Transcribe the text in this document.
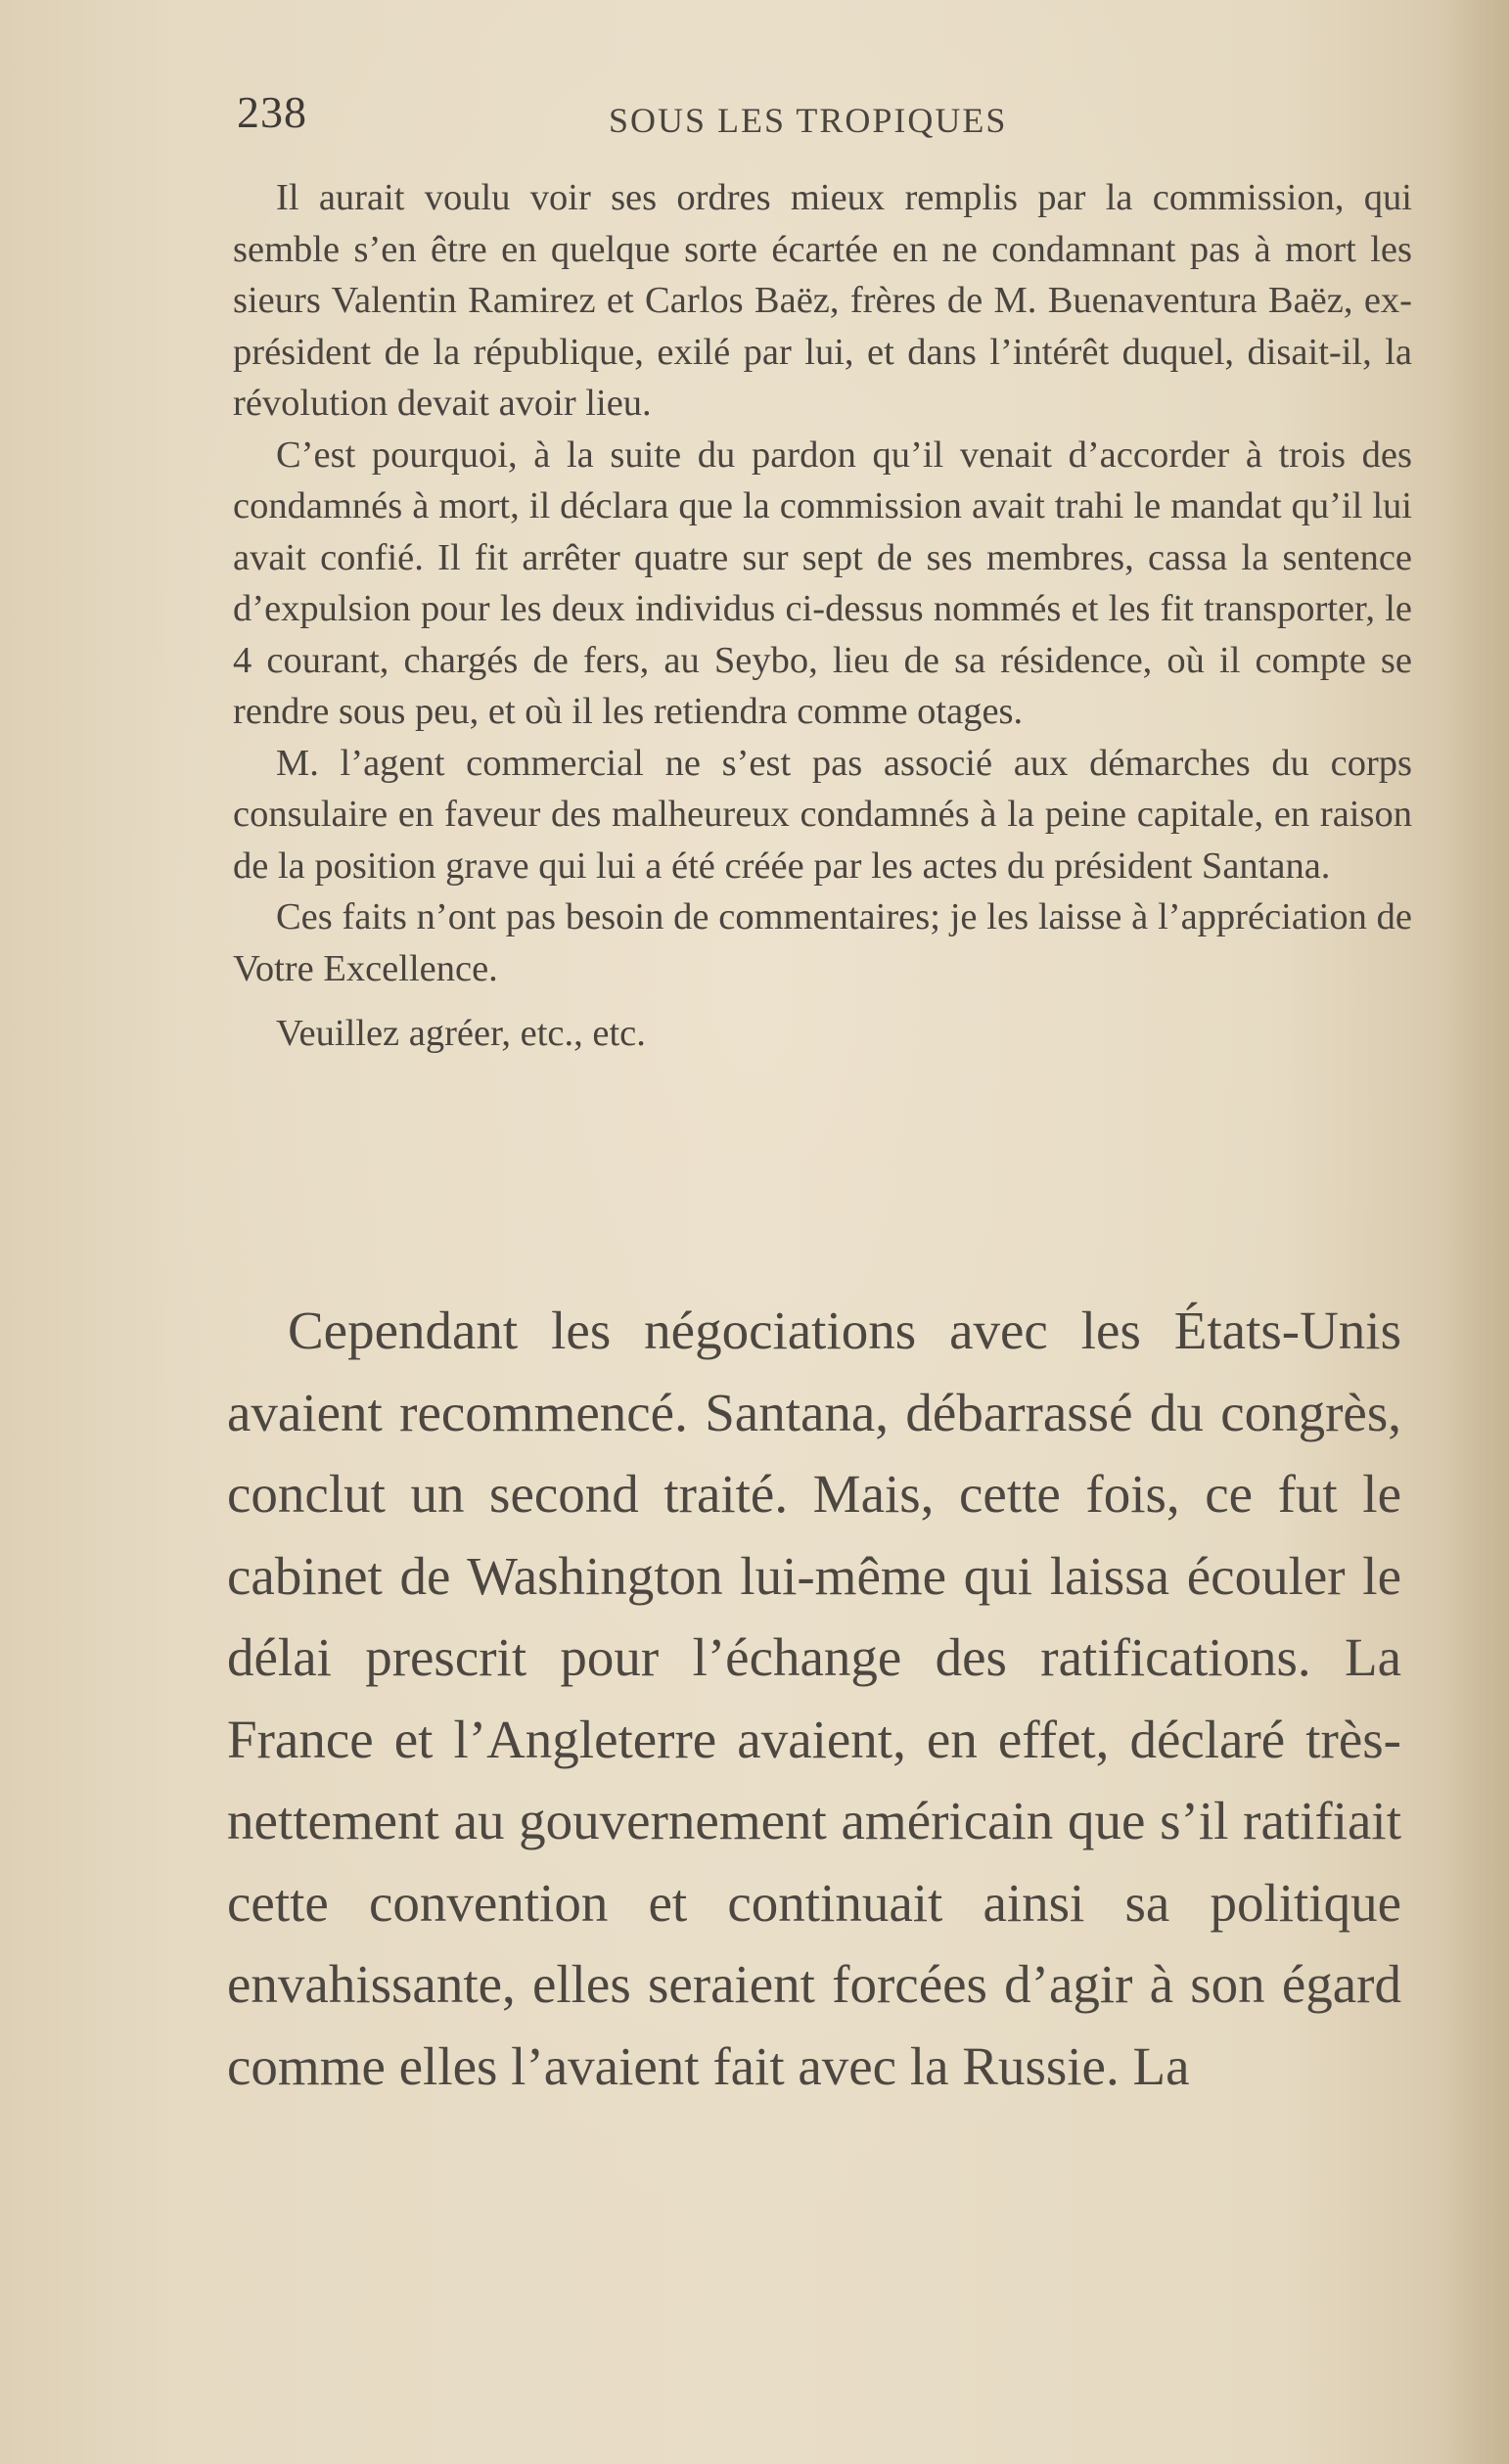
238	SOUS LES TROPIQUES

Il aurait voulu voir ses ordres mieux remplis par la commission, qui semble s’en être en quelque sorte écartée en ne condamnant pas à mort les sieurs Valentin Ramirez et Carlos Baëz, frères de M. Buenaventura Baëz, ex-président de la république, exilé par lui, et dans l’intérêt duquel, disait-il, la révolution devait avoir lieu.

C’est pourquoi, à la suite du pardon qu’il venait d’accorder à trois des condamnés à mort, il déclara que la commission avait trahi le mandat qu’il lui avait confié. Il fit arrêter quatre sur sept de ses membres, cassa la sentence d’expulsion pour les deux individus ci-dessus nommés et les fit transporter, le 4 courant, chargés de fers, au Seybo, lieu de sa résidence, où il compte se rendre sous peu, et où il les retiendra comme otages.

M. l’agent commercial ne s’est pas associé aux démarches du corps consulaire en faveur des malheureux condamnés à la peine capitale, en raison de la position grave qui lui a été créée par les actes du président Santana.

Ces faits n’ont pas besoin de commentaires; je les laisse à l’appréciation de Votre Excellence.

Veuillez agréer, etc., etc.

Cependant les négociations avec les États-Unis avaient recommencé. Santana, débarrassé du congrès, conclut un second traité. Mais, cette fois, ce fut le cabinet de Washington lui-même qui laissa écouler le délai prescrit pour l’échange des ratifications. La France et l’Angleterre avaient, en effet, déclaré très-nettement au gouvernement américain que s’il ratifiait cette convention et continuait ainsi sa politique envahissante, elles seraient forcées d’agir à son égard comme elles l’avaient fait avec la Russie. La
